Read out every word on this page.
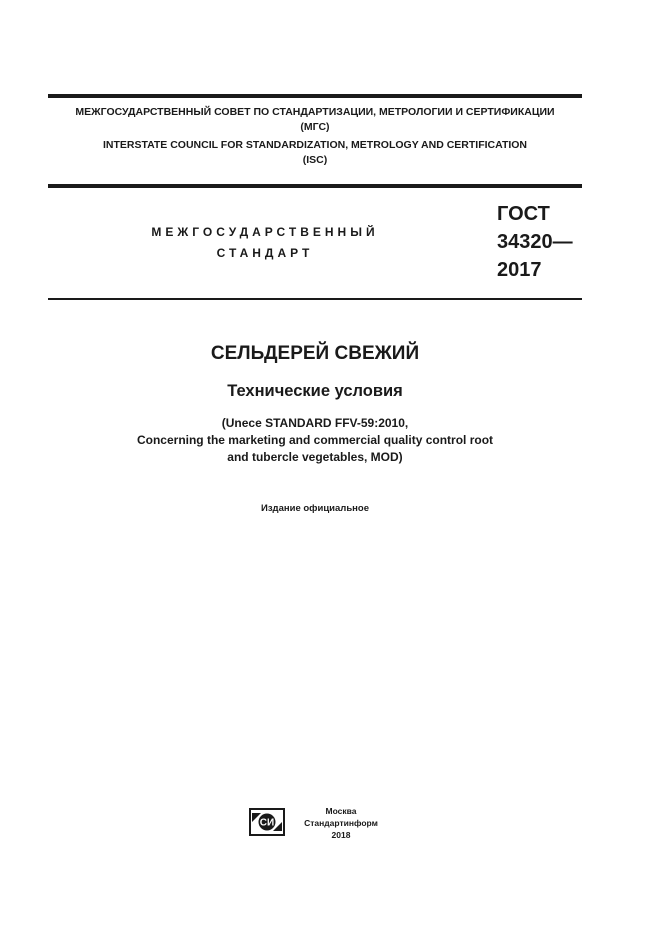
МЕЖГОСУДАРСТВЕННЫЙ СОВЕТ ПО СТАНДАРТИЗАЦИИ, МЕТРОЛОГИИ И СЕРТИФИКАЦИИ
(МГС)
INTERSTATE COUNCIL FOR STANDARDIZATION, METROLOGY AND CERTIFICATION
(ISC)
МЕЖГОСУДАРСТВЕННЫЙ
СТАНДАРТ
ГОСТ
34320—
2017
СЕЛЬДЕРЕЙ СВЕЖИЙ
Технические условия
(Unece STANDARD FFV-59:2010,
Concerning the marketing and commercial quality control root
and tubercle vegetables, MOD)
Издание официальное
СИ
Москва
Стандартинформ
2018
